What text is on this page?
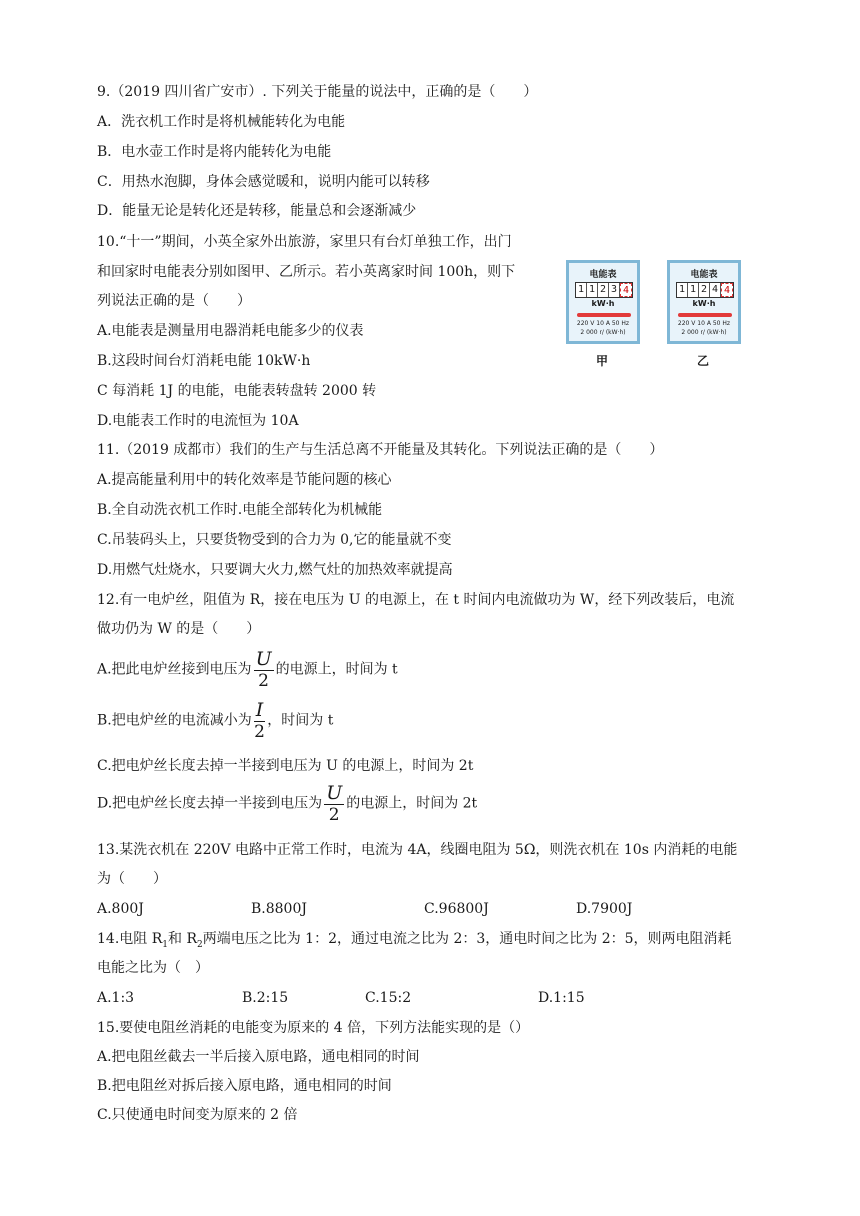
9.（2019 四川省广安市）. 下列关于能量的说法中，正确的是（　　）
A．洗衣机工作时是将机械能转化为电能
B．电水壶工作时是将内能转化为电能
C．用热水泡脚，身体会感觉暖和，说明内能可以转移
D．能量无论是转化还是转移，能量总和会逐渐减少
10.“十一”期间，小英全家外出旅游，家里只有台灯单独工作，出门
和回家时电能表分别如图甲、乙所示。若小英离家时间 100h，则下
列说法正确的是（　　）
A.电能表是测量用电器消耗电能多少的仪表
B.这段时间台灯消耗电能 10kW·h
C 每消耗 1J 的电能，电能表转盘转 2000 转
D.电能表工作时的电流恒为 10A
电能表
1 1 2 3 4
kW·h
220 V 10 A 50 Hz
2 000 r/ (kW·h)
甲
电能表
1 1 2 4 4
kW·h
220 V 10 A 50 Hz
2 000 r/ (kW·h)
乙
11.（2019 成都市）我们的生产与生活总离不开能量及其转化。下列说法正确的是（　　）
A.提高能量利用中的转化效率是节能问题的核心
B.全自动洗衣机工作时.电能全部转化为机械能
C.吊装码头上，只要货物受到的合力为 0,它的能量就不变
D.用燃气灶烧水，只要调大火力,燃气灶的加热效率就提高
12.有一电炉丝，阻值为 R，接在电压为 U 的电源上，在 t 时间内电流做功为 W，经下列改装后，电流
做功仍为 W 的是（　　）
A.把此电炉丝接到电压为 $\frac{U}{2}$ 的电源上，时间为 t
B.把电炉丝的电流减小为 $\frac{I}{2}$ ，时间为 t
C.把电炉丝长度去掉一半接到电压为 U 的电源上，时间为 2t
D.把电炉丝长度去掉一半接到电压为 $\frac{U}{2}$ 的电源上，时间为 2t
13.某洗衣机在 220V 电路中正常工作时，电流为 4A，线圈电阻为 5Ω，则洗衣机在 10s 内消耗的电能
为（　　）
A.800J	B.8800J	C.96800J	D.7900J
14.电阻 $R_1$和 $R_2$两端电压之比为 1：2，通过电流之比为 2：3，通电时间之比为 2：5，则两电阻消耗
电能之比为（　）
A.1:3	B.2:15	C.15:2	D.1:15
15.要使电阻丝消耗的电能变为原来的 4 倍，下列方法能实现的是（）
A.把电阻丝截去一半后接入原电路，通电相同的时间
B.把电阻丝对拆后接入原电路，通电相同的时间
C.只使通电时间变为原来的 2 倍
